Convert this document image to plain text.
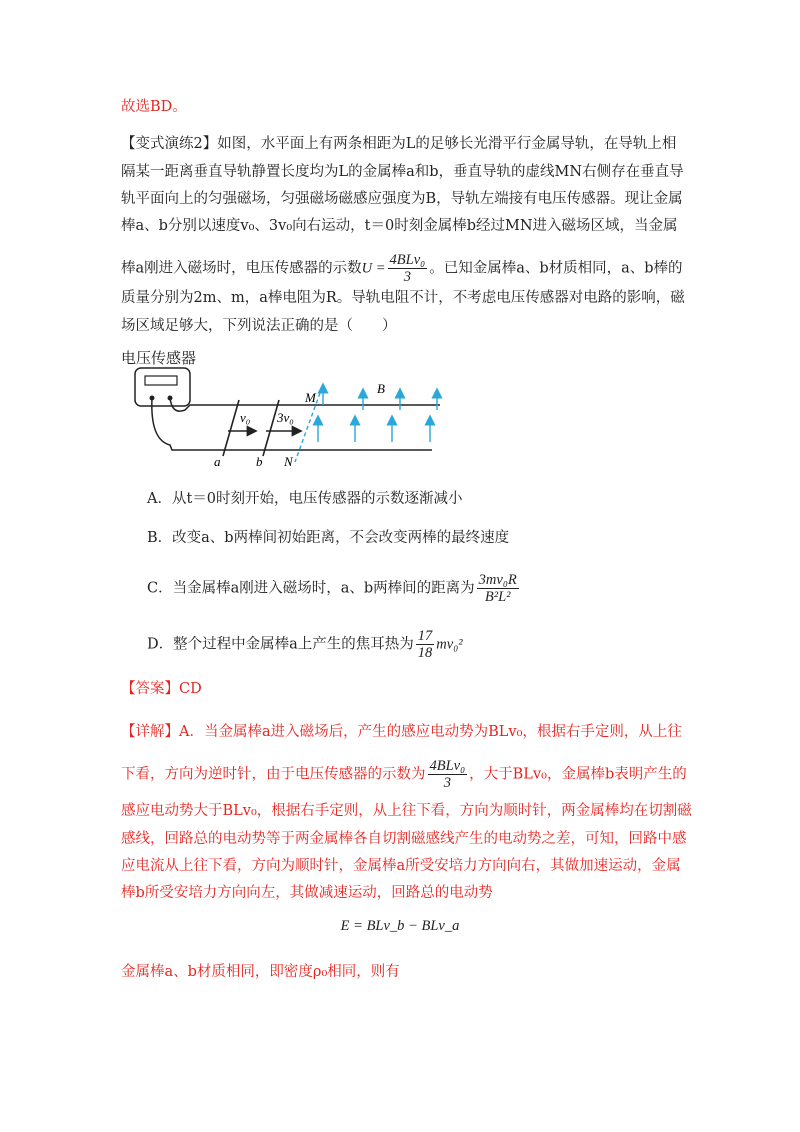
故选BD。
【变式演练2】如图，水平面上有两条相距为L的足够长光滑平行金属导轨，在导轨上相
隔某一距离垂直导轨静置长度均为L的金属棒a和b，垂直导轨的虚线MN右侧存在垂直导
轨平面向上的匀强磁场，匀强磁场磁感应强度为B，导轨左端接有电压传感器。现让金属
棒a、b分别以速度v₀、3v₀向右运动，t＝0时刻金属棒b经过MN进入磁场区域，当金属
棒a刚进入磁场时，电压传感器的示数$U = \frac{\text{4BLv₀}}{3}$ 。已知金属棒a、b材质相同，a、b棒的
质量分别为2m、m，a棒电阻为R。导轨电阻不计，不考虑电压传感器对电路的影响，磁
场区域足够大，下列说法正确的是（　　）
电压传感器
v₀ 3v₀
M
N
B
a	b
A．从t＝0时刻开始，电压传感器的示数逐渐减小
B．改变a、b两棒间初始距离，不会改变两棒的最终速度
C．当金属棒a刚进入磁场时，a、b两棒间的距离为 $\frac{\text{3mv₀R}}{\text{B²L²}}$
D．整个过程中金属棒a上产生的焦耳热为 $\frac{17}{18} mv_0^2$
【答案】CD
【详解】A．当金属棒a进入磁场后，产生的感应电动势为BLv₀，根据右手定则，从上往
下看，方向为逆时针，由于电压传感器的示数为 $\frac{\text{4BLv₀}}{3}$ ，大于BLv₀，金属棒b表明产生的
感应电动势大于BLv₀，根据右手定则，从上往下看，方向为顺时针，两金属棒均在切割磁
感线，回路总的电动势等于两金属棒各自切割磁感线产生的电动势之差，可知，回路中感
应电流从上往下看，方向为顺时针，金属棒a所受安培力方向向右，其做加速运动，金属
棒b所受安培力方向向左，其做减速运动，回路总的电动势
E = BLv_b − BLv_a
金属棒a、b材质相同，即密度ρ₀相同，则有
